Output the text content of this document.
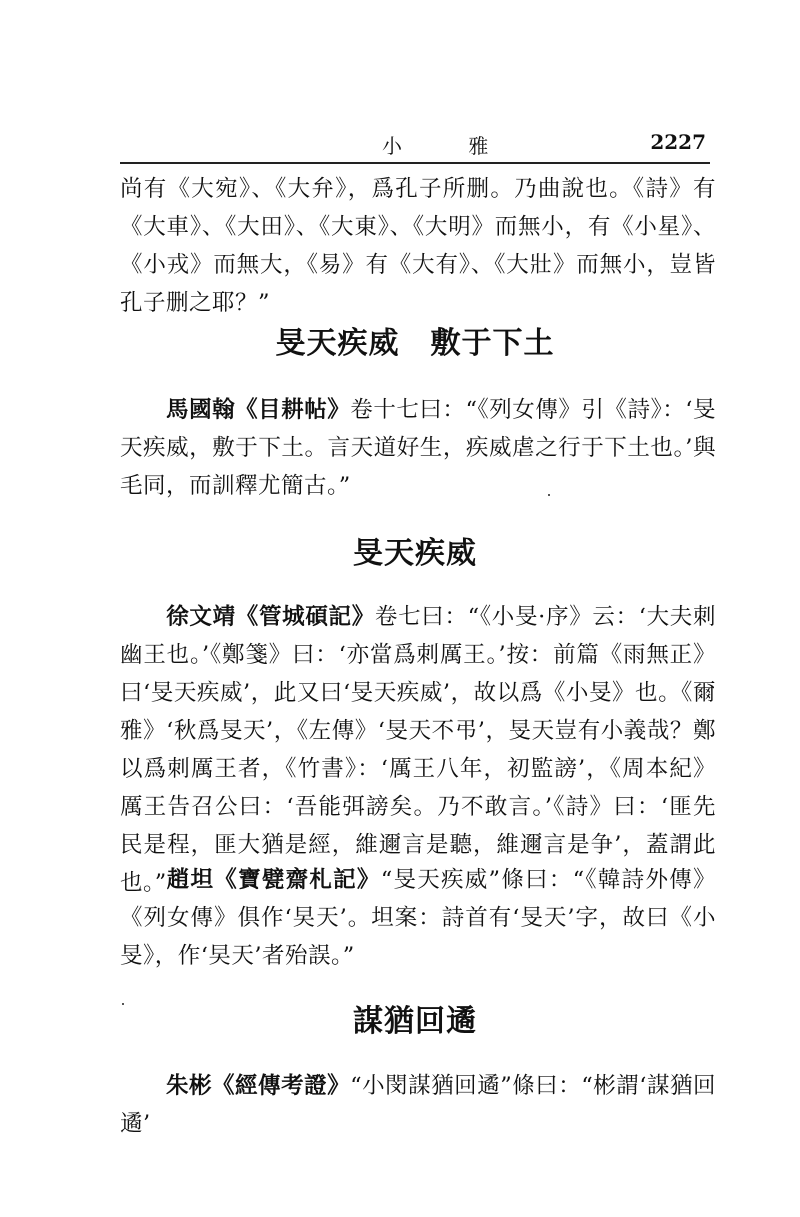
小 雅	2227

尚有《大宛》、《大弁》，爲孔子所删。乃曲說也。《詩》有《大車》、《大田》、《大東》、《大明》而無小，有《小星》、《小戎》而無大，《易》有《大有》、《大壯》而無小，豈皆孔子删之耶？”

旻天疾威　敷于下土

馬國翰《目耕帖》卷十七曰：“《列女傳》引《詩》：‘旻天疾威，敷于下土。言天道好生，疾威虐之行于下土也。’與毛同，而訓釋尤簡古。”

旻天疾威

徐文靖《管城碩記》卷七曰：“《小旻·序》云：‘大夫刺幽王也。’《鄭箋》曰：‘亦當爲刺厲王。’按：前篇《雨無正》曰‘旻天疾威’，此又曰‘旻天疾威’，故以爲《小旻》也。《爾雅》‘秋爲旻天’，《左傳》‘旻天不弔’，旻天豈有小義哉？鄭以爲刺厲王者，《竹書》：‘厲王八年，初監謗’，《周本紀》厲王告召公曰：‘吾能弭謗矣。乃不敢言。’《詩》曰：‘匪先民是程，匪大猶是經，維邇言是聽，維邇言是争’，蓋謂此也。” 趙坦《寶甓齋札記》“旻天疾威”條曰：“《韓詩外傳》《列女傳》俱作‘旲天’。坦案：詩首有‘旻天’字，故曰《小旻》，作‘旲天’者殆誤。”

謀猶回遹

朱彬《經傳考證》“小閔謀猶回遹”條曰：“彬謂‘謀猶回遹’
